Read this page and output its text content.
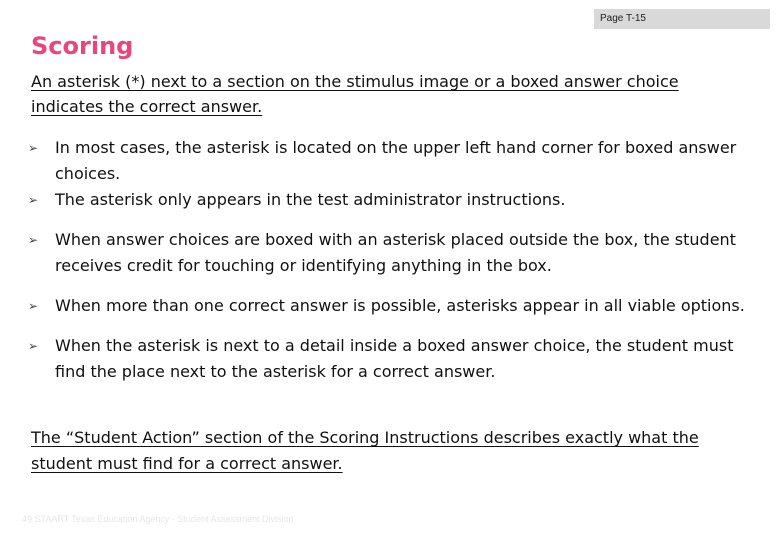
Page T-15
Scoring

An asterisk (*) next to a section on the stimulus image or a boxed answer choice indicates the correct answer.

➢ In most cases, the asterisk is located on the upper left hand corner for boxed answer choices.
➢ The asterisk only appears in the test administrator instructions.
➢ When answer choices are boxed with an asterisk placed outside the box, the student receives credit for touching or identifying anything in the box.
➢ When more than one correct answer is possible, asterisks appear in all viable options.
➢ When the asterisk is next to a detail inside a boxed answer choice, the student must find the place next to the asterisk for a correct answer.

The “Student Action” section of the Scoring Instructions describes exactly what the student must find for a correct answer.

49 STAART Texas Education Agency - Student Assessment Division
